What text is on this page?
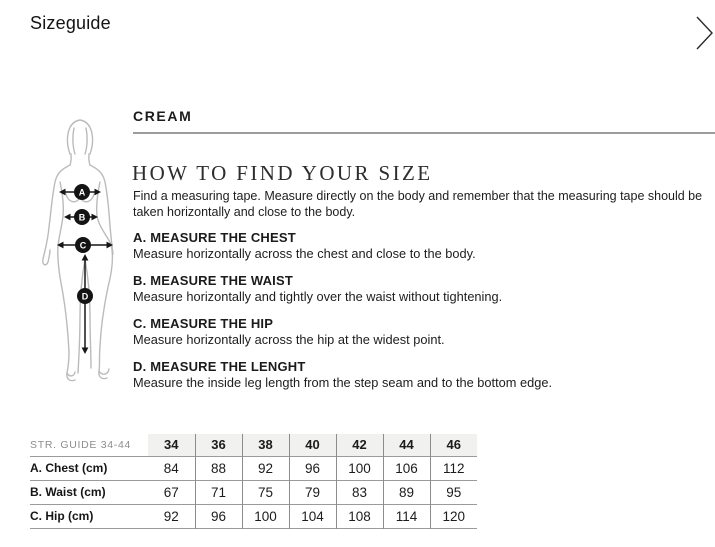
Sizeguide
A
B
C
D
CREAM
HOW TO FIND YOUR SIZE

Find a measuring tape. Measure directly on the body and remember that the measuring tape should be taken horizontally and close to the body.

A. MEASURE THE CHEST

Measure horizontally across the chest and close to the body.

B. MEASURE THE WAIST

Measure horizontally and tightly over the waist without tightening.

C. MEASURE THE HIP

Measure horizontally across the hip at the widest point.

D. MEASURE THE LENGHT

Measure the inside leg length from the step seam and to the bottom edge.

STR. GUIDE 34-44	34	36	38	40	42	44	46
A. Chest (cm)	84	88	92	96	100	106	112
B. Waist (cm)	67	71	75	79	83	89	95
C. Hip (cm)	92	96	100	104	108	114	120
